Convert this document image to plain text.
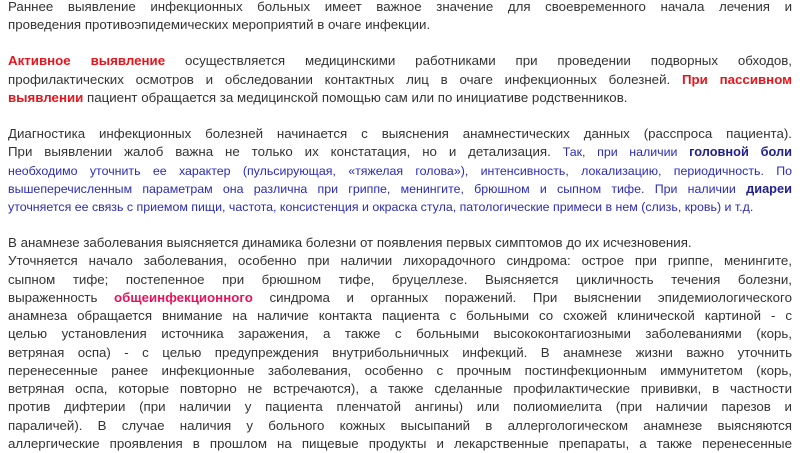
Раннее выявление инфекционных больных имеет важное значение для своевременного начала лечения и
проведения противоэпидемических мероприятий в очаге инфекции.
Активное выявление осуществляется медицинскими работниками при проведении подворных обходов,
профилактических осмотров и обследовании контактных лиц в очаге инфекционных болезней. При пассивном
выявлении пациент обращается за медицинской помощью сам или по инициативе родственников.
Диагностика инфекционных болезней начинается с выяснения анамнестических данных (расспроса пациента).
При выявлении жалоб важна не только их констатация, но и детализация. Так, при наличии головной боли
необходимо уточнить ее характер (пульсирующая, «тяжелая голова»), интенсивность, локализацию, периодичность. По
вышеперечисленным параметрам она различна при гриппе, менингите, брюшном и сыпном тифе. При наличии диареи
уточняется ее связь с приемом пищи, частота, консистенция и окраска стула, патологические примеси в нем (слизь, кровь) и т.д.
В анамнезе заболевания выясняется динамика болезни от появления первых симптомов до их исчезновения.
Уточняется начало заболевания, особенно при наличии лихорадочного синдрома: острое при гриппе, менингите,
сыпном тифе; постепенное при брюшном тифе, бруцеллезе. Выясняется цикличность течения болезни,
выраженность общеинфекционного синдрома и органных поражений. При выяснении эпидемиологического
анамнеза обращается внимание на наличие контакта пациента с больными со схожей клинической картиной - с
целью установления источника заражения, а также с больными высококонтагиозными заболеваниями (корь,
ветряная оспа) - с целью предупреждения внутрибольничных инфекций. В анамнезе жизни важно уточнить
перенесенные ранее инфекционные заболевания, особенно с прочным постинфекционным иммунитетом (корь,
ветряная оспа, которые повторно не встречаются), а также сделанные профилактические прививки, в частности
против дифтерии (при наличии у пациента пленчатой ангины) или полиомиелита (при наличии парезов и
параличей). В случае наличия у больного кожных высыпаний в аллергологическом анамнезе выясняются
аллергические проявления в прошлом на пищевые продукты и лекарственные препараты, а также перенесенные
